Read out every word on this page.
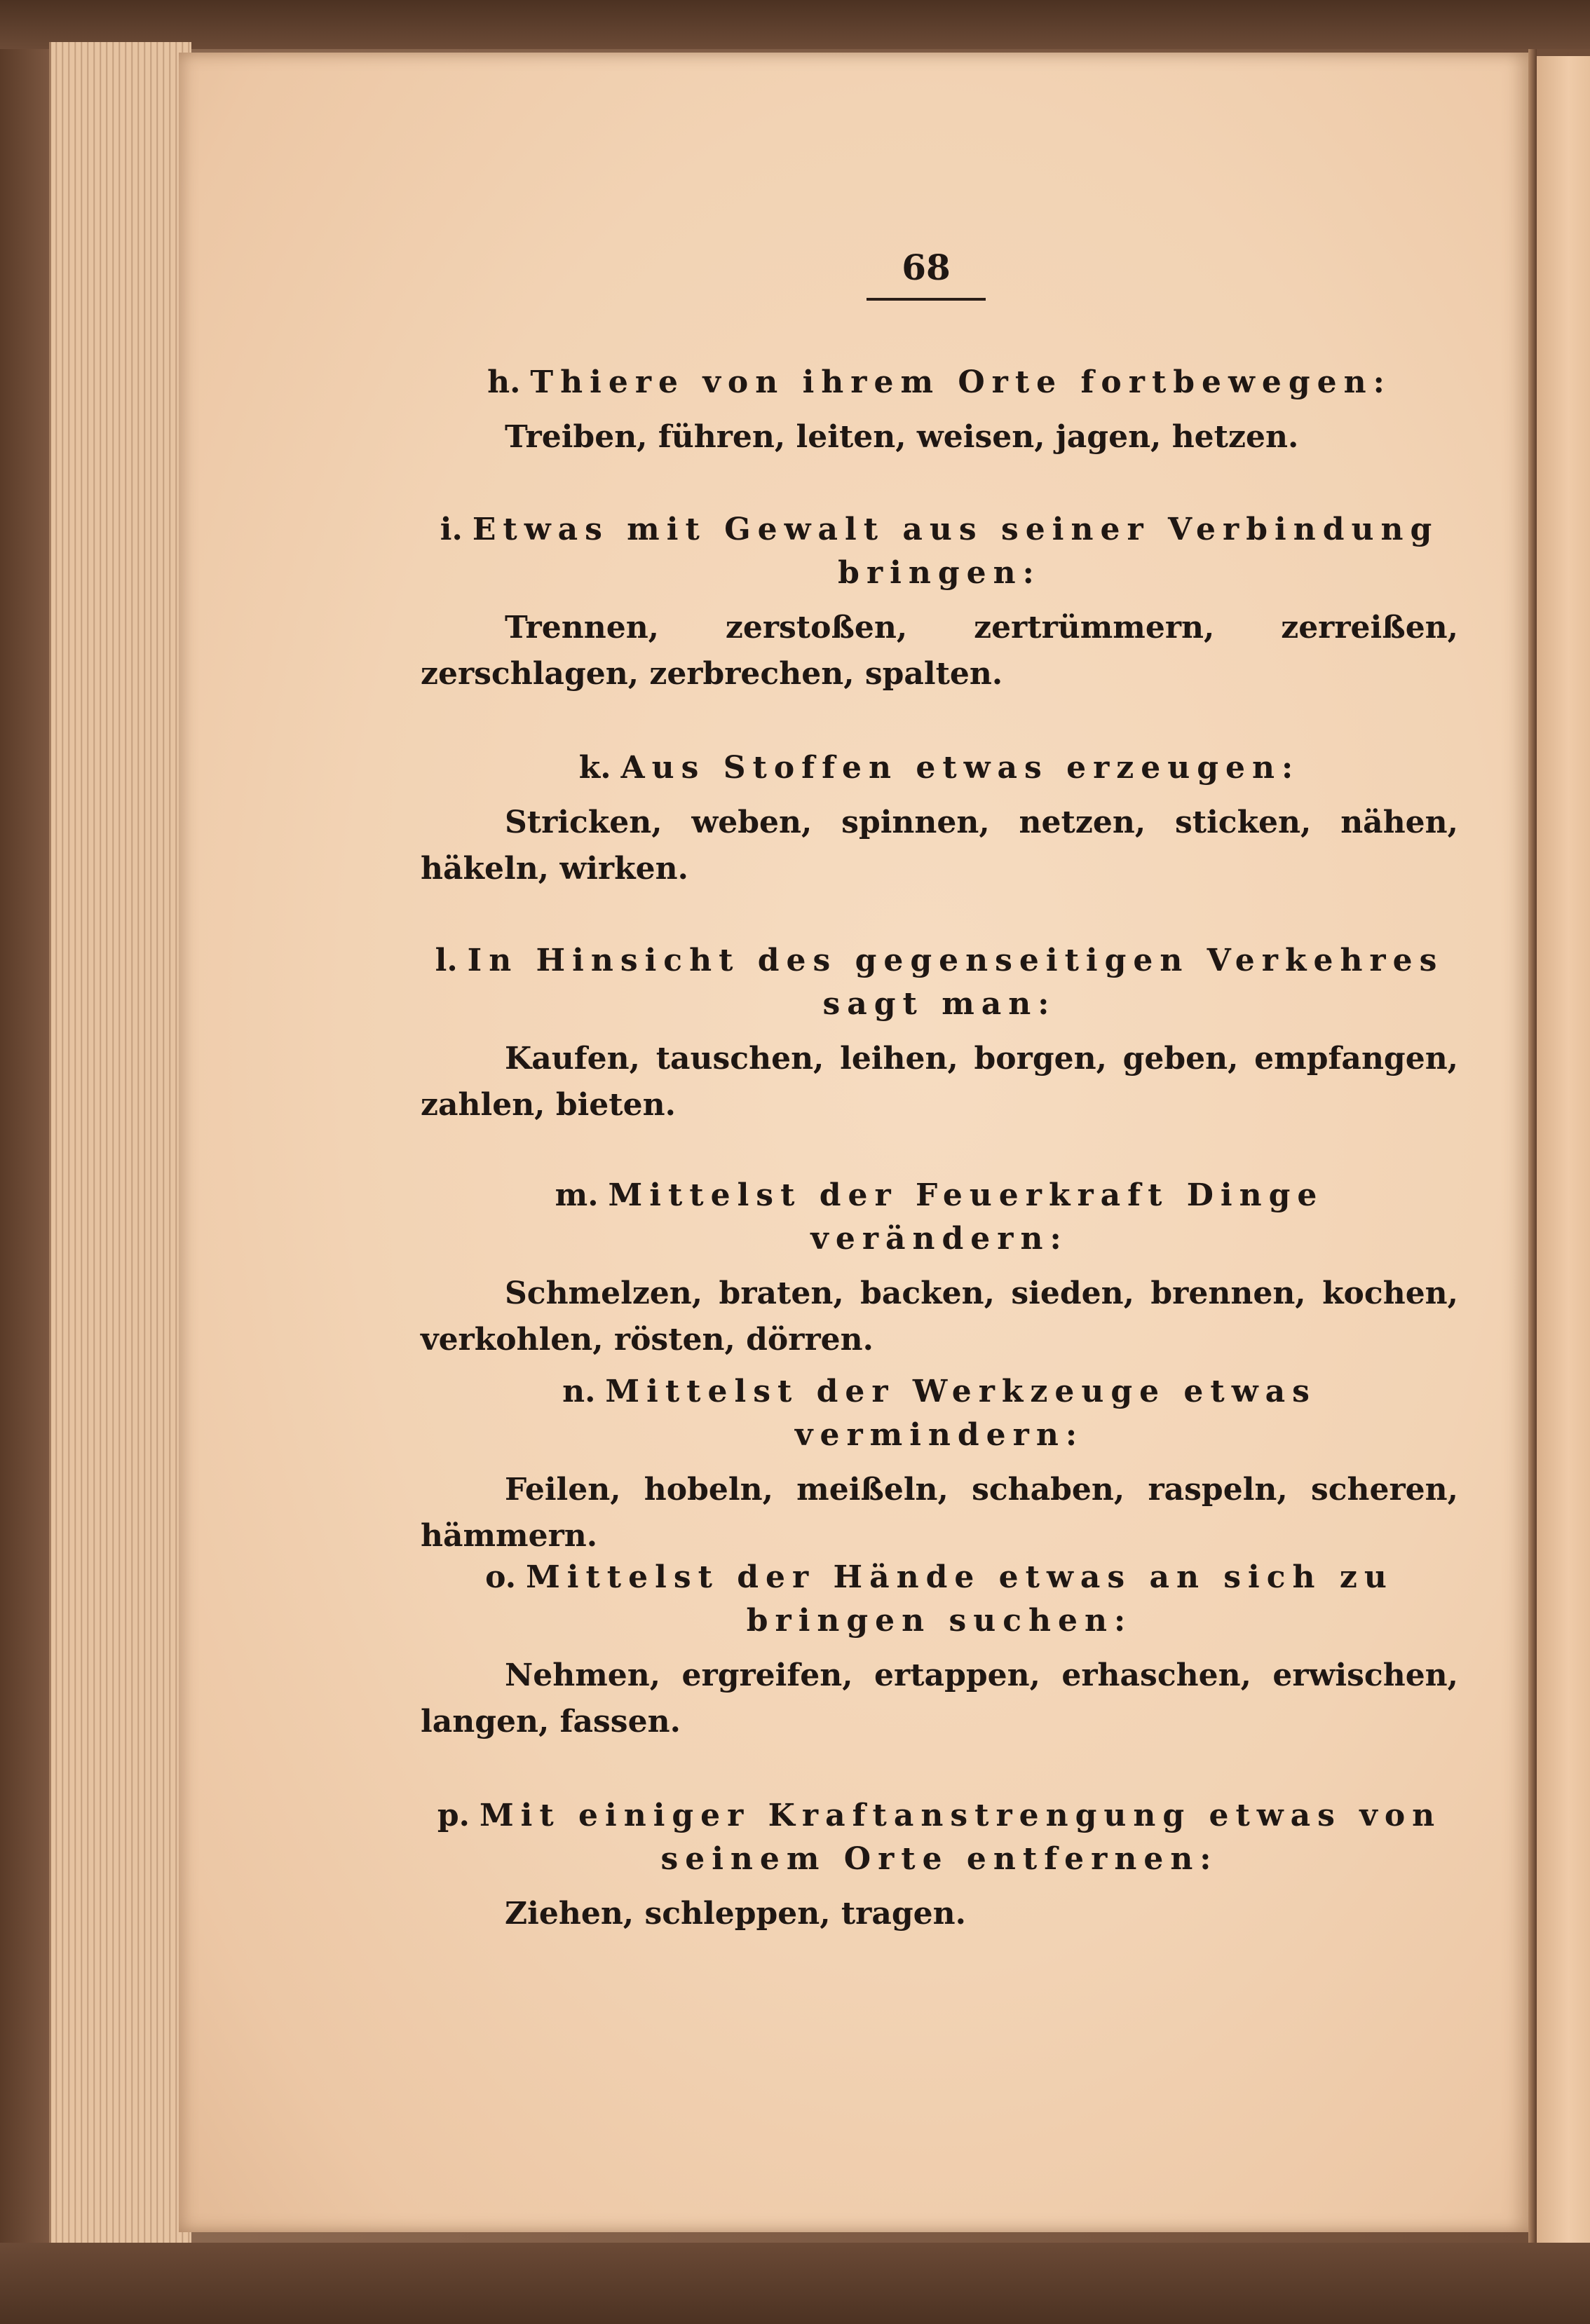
68

h. Thiere von ihrem Orte fortbewegen:

Treiben, führen, leiten, weisen, jagen, hetzen.

i. Etwas mit Gewalt aus seiner Verbindung bringen:

Trennen, zerstoßen, zertrümmern, zerreißen, zerschlagen, zerbrechen, spalten.

k. Aus Stoffen etwas erzeugen:

Stricken, weben, spinnen, netzen, sticken, nähen, häkeln, wirken.

l. In Hinsicht des gegenseitigen Verkehres sagt man:

Kaufen, tauschen, leihen, borgen, geben, empfangen, zahlen, bieten.

m. Mittelst der Feuerkraft Dinge verändern:

Schmelzen, braten, backen, sieden, brennen, kochen, verkohlen, rösten, dörren.

n. Mittelst der Werkzeuge etwas vermindern:

Feilen, hobeln, meißeln, schaben, raspeln, scheren, hämmern.

o. Mittelst der Hände etwas an sich zu bringen suchen:

Nehmen, ergreifen, ertappen, erhaschen, erwischen, langen, fassen.

p. Mit einiger Kraftanstrengung etwas von seinem Orte entfernen:

Ziehen, schleppen, tragen.
